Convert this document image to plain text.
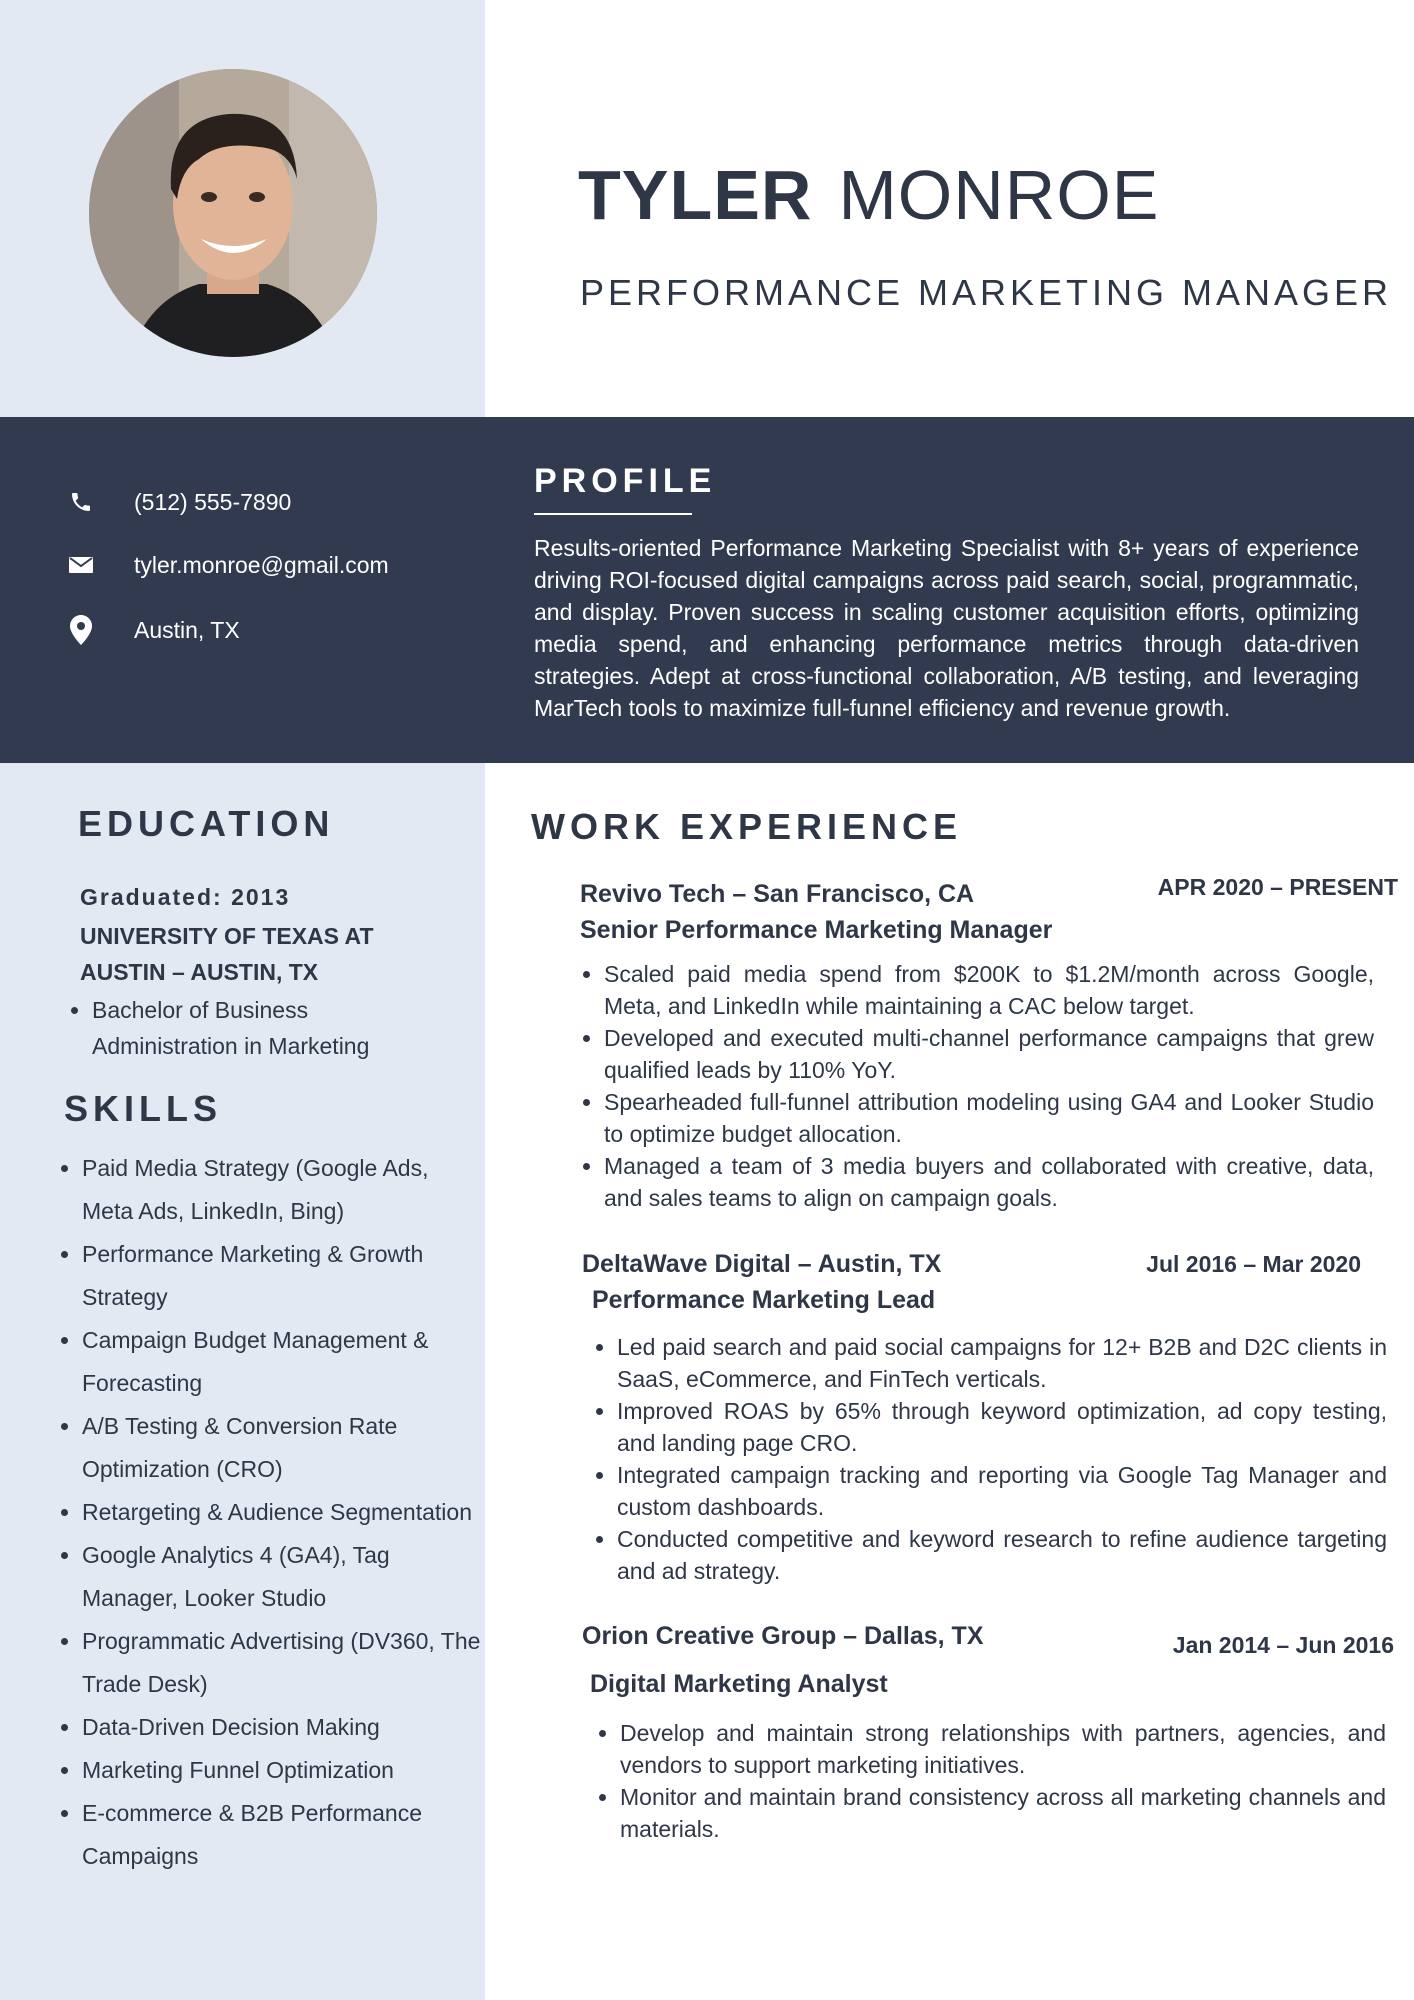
TYLER MONROE
PERFORMANCE MARKETING MANAGER
(512) 555-7890
tyler.monroe@gmail.com
Austin, TX
PROFILE
Results-oriented Performance Marketing Specialist with 8+ years of experience driving ROI-focused digital campaigns across paid search, social, programmatic, and display. Proven success in scaling customer acquisition efforts, optimizing media spend, and enhancing performance metrics through data-driven strategies. Adept at cross-functional collaboration, A/B testing, and leveraging MarTech tools to maximize full-funnel efficiency and revenue growth.
EDUCATION
Graduated: 2013
UNIVERSITY OF TEXAS AT AUSTIN – AUSTIN, TX
• Bachelor of Business Administration in Marketing
SKILLS
• Paid Media Strategy (Google Ads, Meta Ads, LinkedIn, Bing)
• Performance Marketing & Growth Strategy
• Campaign Budget Management & Forecasting
• A/B Testing & Conversion Rate Optimization (CRO)
• Retargeting & Audience Segmentation
• Google Analytics 4 (GA4), Tag Manager, Looker Studio
• Programmatic Advertising (DV360, The Trade Desk)
• Data-Driven Decision Making
• Marketing Funnel Optimization
• E-commerce & B2B Performance Campaigns
WORK EXPERIENCE
Revivo Tech – San Francisco, CA	APR 2020 – PRESENT
Senior Performance Marketing Manager
• Scaled paid media spend from $200K to $1.2M/month across Google, Meta, and LinkedIn while maintaining a CAC below target.
• Developed and executed multi-channel performance campaigns that grew qualified leads by 110% YoY.
• Spearheaded full-funnel attribution modeling using GA4 and Looker Studio to optimize budget allocation.
• Managed a team of 3 media buyers and collaborated with creative, data, and sales teams to align on campaign goals.
DeltaWave Digital – Austin, TX	Jul 2016 – Mar 2020
Performance Marketing Lead
• Led paid search and paid social campaigns for 12+ B2B and D2C clients in SaaS, eCommerce, and FinTech verticals.
• Improved ROAS by 65% through keyword optimization, ad copy testing, and landing page CRO.
• Integrated campaign tracking and reporting via Google Tag Manager and custom dashboards.
• Conducted competitive and keyword research to refine audience targeting and ad strategy.
Orion Creative Group – Dallas, TX	Jan 2014 – Jun 2016
Digital Marketing Analyst
• Develop and maintain strong relationships with partners, agencies, and vendors to support marketing initiatives.
• Monitor and maintain brand consistency across all marketing channels and materials.
